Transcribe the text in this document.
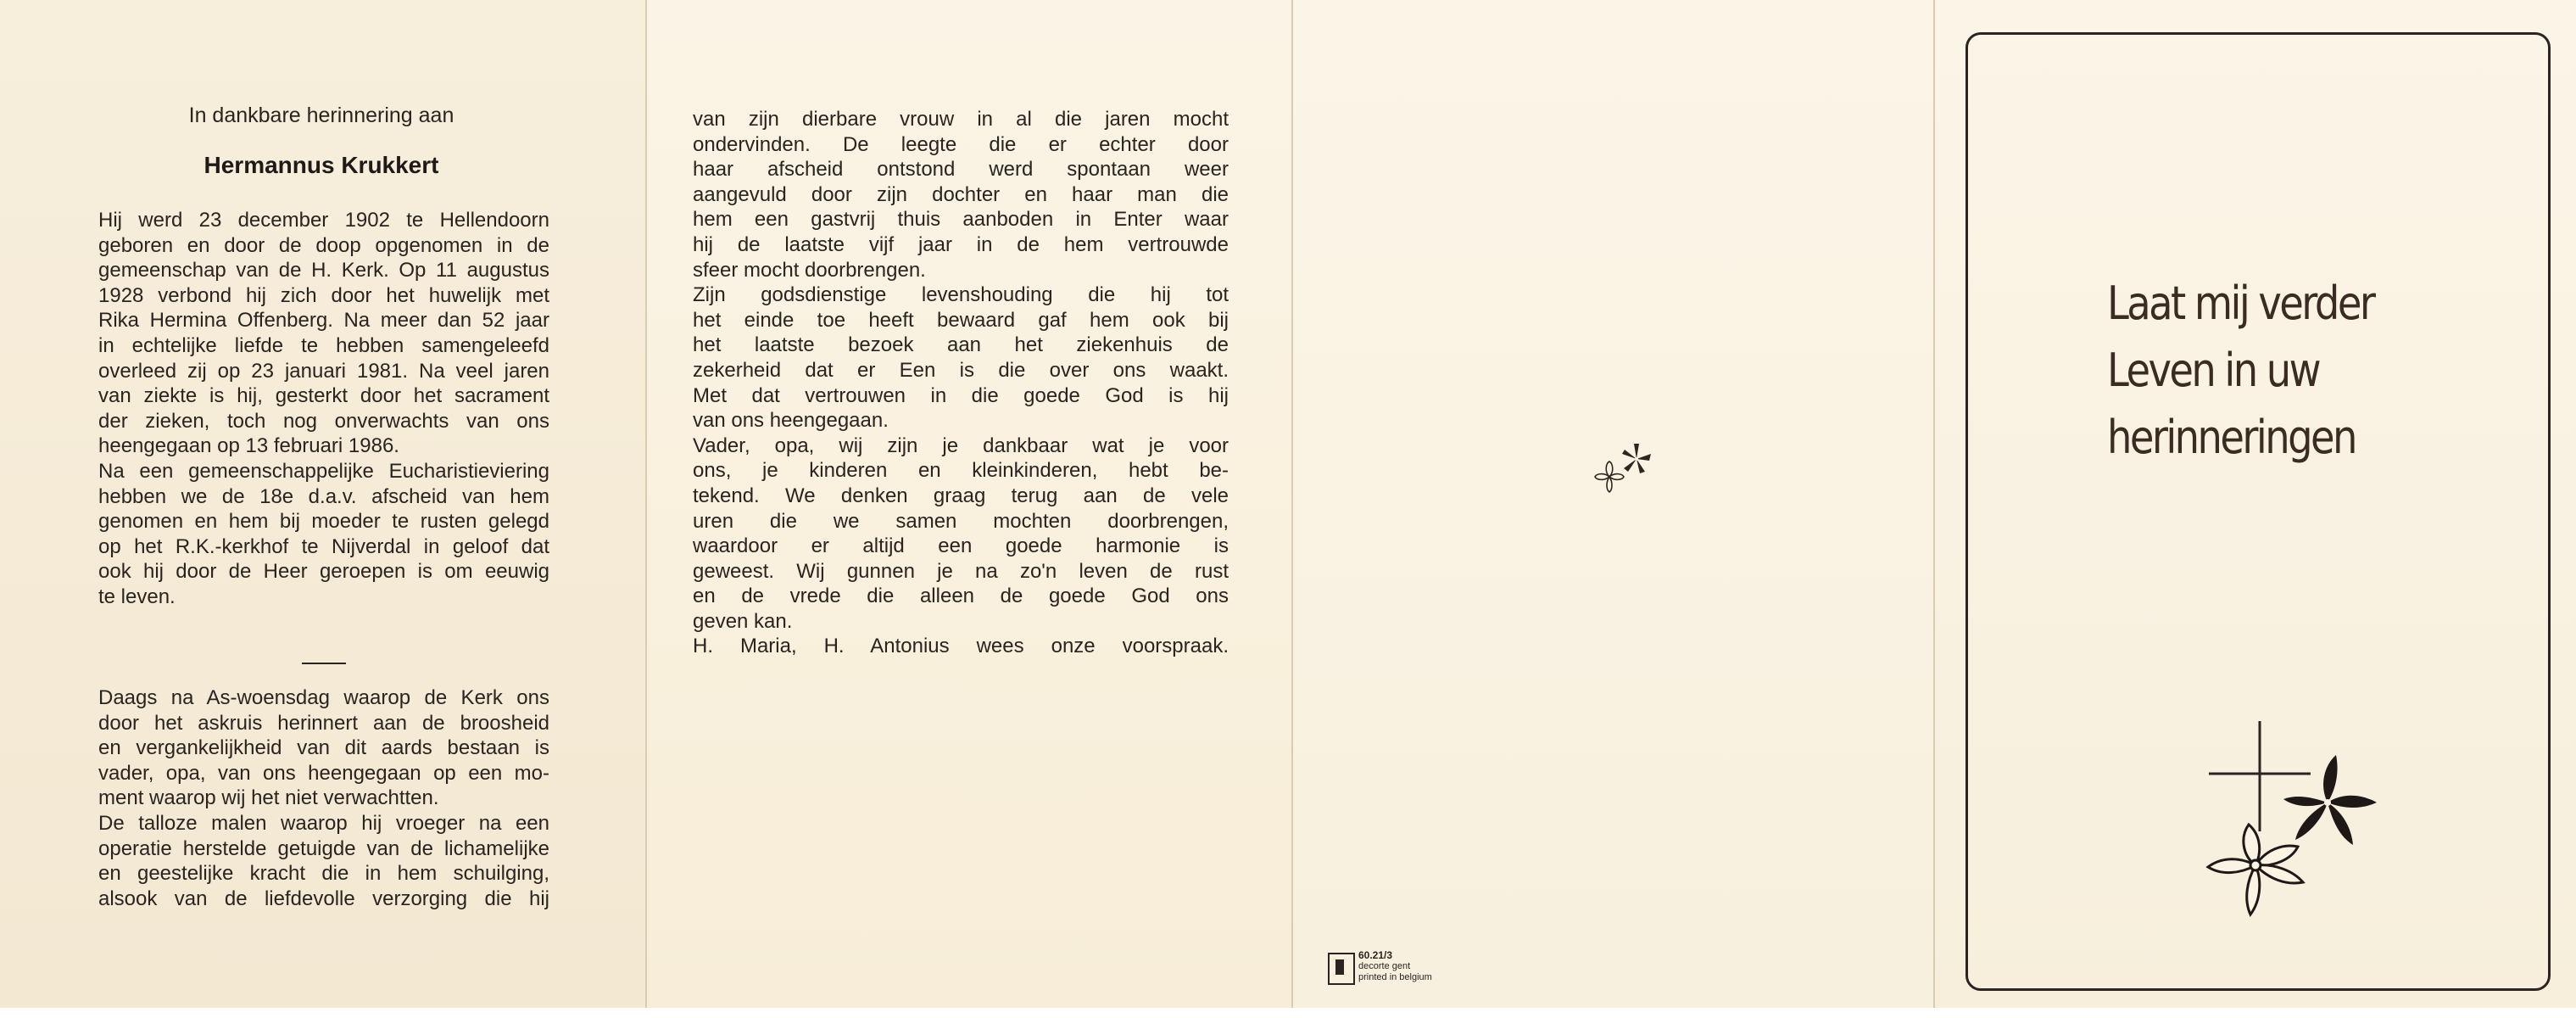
In dankbare herinnering aan
Hermannus Krukkert
Hij werd 23 december 1902 te Hellendoorn
geboren en door de doop opgenomen in de
gemeenschap van de H. Kerk. Op 11 augustus
1928 verbond hij zich door het huwelijk met
Rika Hermina Offenberg. Na meer dan 52 jaar
in echtelijke liefde te hebben samengeleefd
overleed zij op 23 januari 1981. Na veel jaren
van ziekte is hij, gesterkt door het sacrament
der zieken, toch nog onverwachts van ons
heengegaan op 13 februari 1986.
Na een gemeenschappelijke Eucharistieviering
hebben we de 18e d.a.v. afscheid van hem
genomen en hem bij moeder te rusten gelegd
op het R.K.-kerkhof te Nijverdal in geloof dat
ook hij door de Heer geroepen is om eeuwig
te leven.
Daags na As-woensdag waarop de Kerk ons
door het askruis herinnert aan de broosheid
en vergankelijkheid van dit aards bestaan is
vader, opa, van ons heengegaan op een mo-
ment waarop wij het niet verwachtten.
De talloze malen waarop hij vroeger na een
operatie herstelde getuigde van de lichamelijke
en geestelijke kracht die in hem schuilging,
alsook van de liefdevolle verzorging die hij
van zijn dierbare vrouw in al die jaren mocht
ondervinden. De leegte die er echter door
haar afscheid ontstond werd spontaan weer
aangevuld door zijn dochter en haar man die
hem een gastvrij thuis aanboden in Enter waar
hij de laatste vijf jaar in de hem vertrouwde
sfeer mocht doorbrengen.
Zijn godsdienstige levenshouding die hij tot
het einde toe heeft bewaard gaf hem ook bij
het laatste bezoek aan het ziekenhuis de
zekerheid dat er Een is die over ons waakt.
Met dat vertrouwen in die goede God is hij
van ons heengegaan.
Vader, opa, wij zijn je dankbaar wat je voor
ons, je kinderen en kleinkinderen, hebt be-
tekend. We denken graag terug aan de vele
uren die we samen mochten doorbrengen,
waardoor er altijd een goede harmonie is
geweest. Wij gunnen je na zo'n leven de rust
en de vrede die alleen de goede God ons
geven kan.
H. Maria, H. Antonius wees onze voorspraak.
60.21/3
decorte gent
printed in belgium
Laat mij verder
Leven in uw
herinneringen
